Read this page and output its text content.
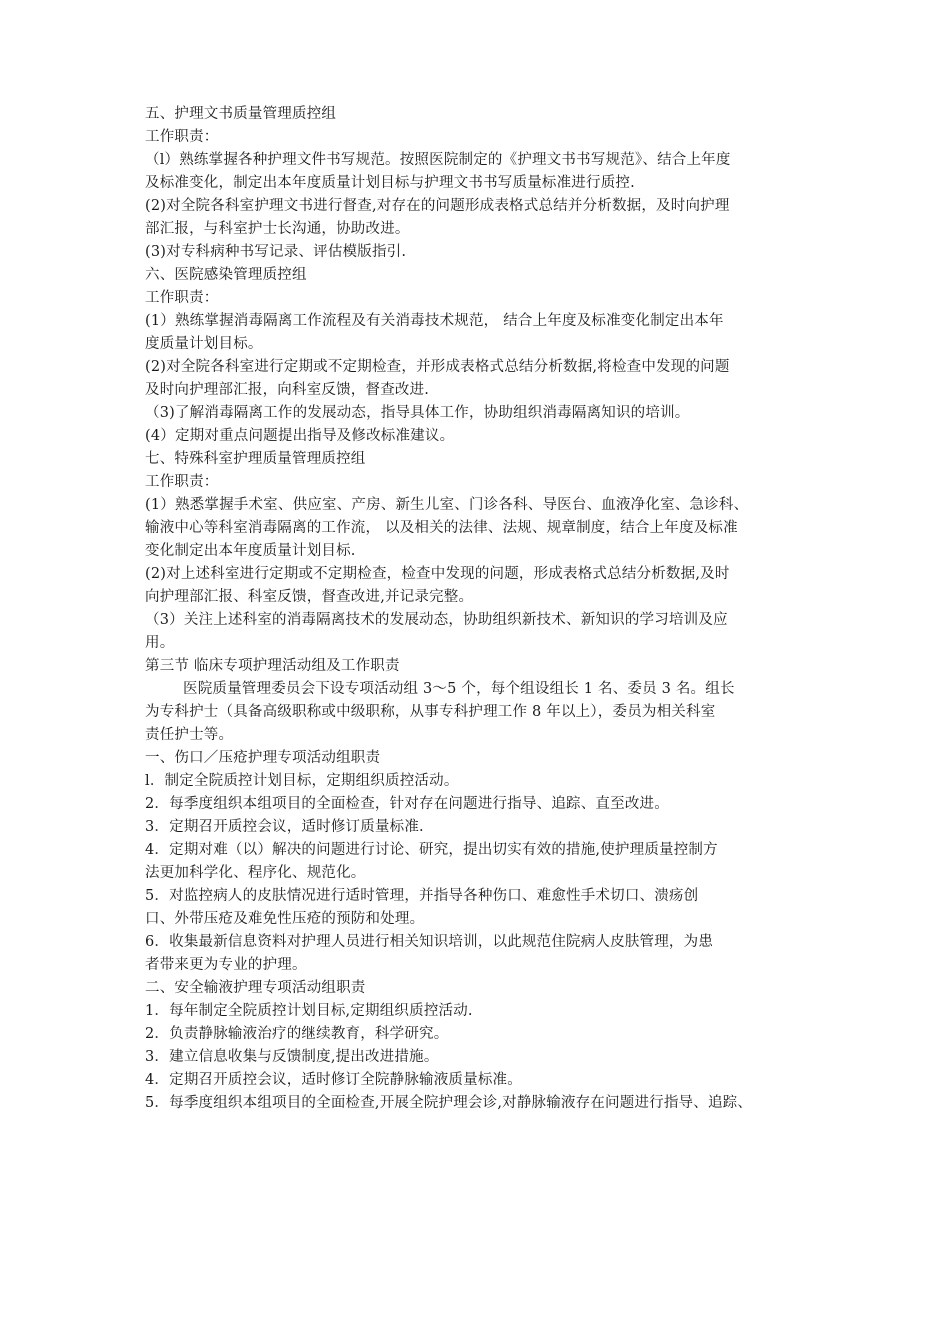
五、护理文书质量管理质控组
工作职责：
（l）熟练掌握各种护理文件书写规范。按照医院制定的《护理文书书写规范》、结合上年度
及标准变化，制定出本年度质量计划目标与护理文书书写质量标准进行质控.
(2)对全院各科室护理文书进行督查,对存在的问题形成表格式总结并分析数据，及时向护理
部汇报，与科室护士长沟通，协助改进。
(3)对专科病种书写记录、评估模版指引.
六、医院感染管理质控组
工作职责：
(1）熟练掌握消毒隔离工作流程及有关消毒技术规范， 结合上年度及标准变化制定出本年
度质量计划目标。
(2)对全院各科室进行定期或不定期检查，并形成表格式总结分析数据,将检查中发现的问题
及时向护理部汇报，向科室反馈，督查改进.
（3)了解消毒隔离工作的发展动态，指导具体工作，协助组织消毒隔离知识的培训。
(4）定期对重点问题提出指导及修改标准建议。
七、特殊科室护理质量管理质控组
工作职责：
(1）熟悉掌握手术室、供应室、产房、新生儿室、门诊各科、导医台、血液净化室、急诊科、
输液中心等科室消毒隔离的工作流， 以及相关的法律、法规、规章制度，结合上年度及标准
变化制定出本年度质量计划目标.
(2)对上述科室进行定期或不定期检查，检查中发现的问题，形成表格式总结分析数据,及时
向护理部汇报、科室反馈，督查改进,并记录完整。
（3）关注上述科室的消毒隔离技术的发展动态，协助组织新技术、新知识的学习培训及应
用。
第三节 临床专项护理活动组及工作职责
医院质量管理委员会下设专项活动组 3～5 个，每个组设组长 1 名、委员 3 名。组长
为专科护士（具备高级职称或中级职称，从事专科护理工作 8 年以上），委员为相关科室
责任护士等。
一、伤口／压疮护理专项活动组职责
l．制定全院质控计划目标，定期组织质控活动。
2．每季度组织本组项目的全面检查，针对存在问题进行指导、追踪、直至改进。
3．定期召开质控会议，适时修订质量标准.
4．定期对难（以）解决的问题进行讨论、研究，提出切实有效的措施,使护理质量控制方
法更加科学化、程序化、规范化。
5．对监控病人的皮肤情况进行适时管理，并指导各种伤口、难愈性手术切口、溃疡创
口、外带压疮及难免性压疮的预防和处理。
6．收集最新信息资料对护理人员进行相关知识培训，以此规范住院病人皮肤管理，为患
者带来更为专业的护理。
二、安全输液护理专项活动组职责
1．每年制定全院质控计划目标,定期组织质控活动.
2．负责静脉输液治疗的继续教育，科学研究。
3．建立信息收集与反馈制度,提出改进措施。
4．定期召开质控会议，适时修订全院静脉输液质量标准。
5．每季度组织本组项目的全面检查,开展全院护理会诊,对静脉输液存在问题进行指导、追踪、
